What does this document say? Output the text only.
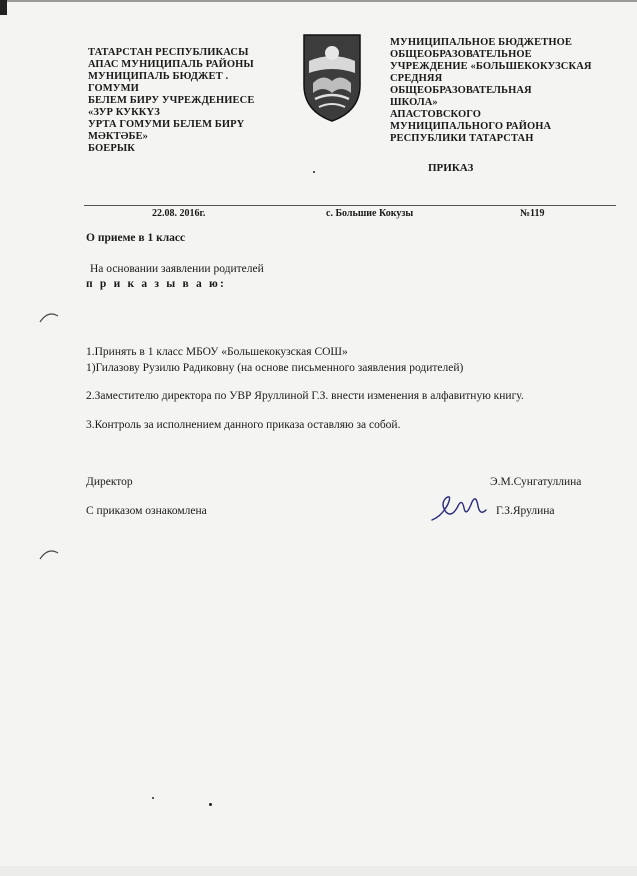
ТАТАРСТАН РЕСПУБЛИКАСЫ
АПАС МУНИЦИПАЛЬ РАЙОНЫ
МУНИЦИПАЛЬ БЮДЖЕТ .
ГОМУМИ
БЕЛЕМ БИРУ УЧРЕЖДЕНИЕСЕ
«ЗУР КУККҮЗ
УРТА ГОМУМИ БЕЛЕМ БИРҮ
МӘКТӘБЕ»
БОЕРЫК
МУНИЦИПАЛЬНОЕ БЮДЖЕТНОЕ
ОБЩЕОБРАЗОВАТЕЛЬНОЕ
УЧРЕЖДЕНИЕ «БОЛЬШЕКОКУЗСКАЯ
СРЕДНЯЯ
ОБЩЕОБРАЗОВАТЕЛЬНАЯ
ШКОЛА»
АПАСТОВСКОГО
МУНИЦИПАЛЬНОГО РАЙОНА
РЕСПУБЛИКИ ТАТАРСТАН
ПРИКАЗ
22.08. 2016г.	с. Большие Кокузы	№119
О приеме в 1 класс
На основании заявлении родителей
п р и к а з ы в а ю:
1.Принять в 1 класс МБОУ «Большекокузская СОШ»
1)Гилазову Рузилю Радиковну (на основе письменного заявления родителей)
2.Заместителю директора по УВР Яруллиной Г.З. внести изменения в алфавитную книгу.
3.Контроль за исполнением данного приказа оставляю за собой.
Директор	Э.М.Сунгатуллина
С приказом ознакомлена	Г.З.Ярулина
